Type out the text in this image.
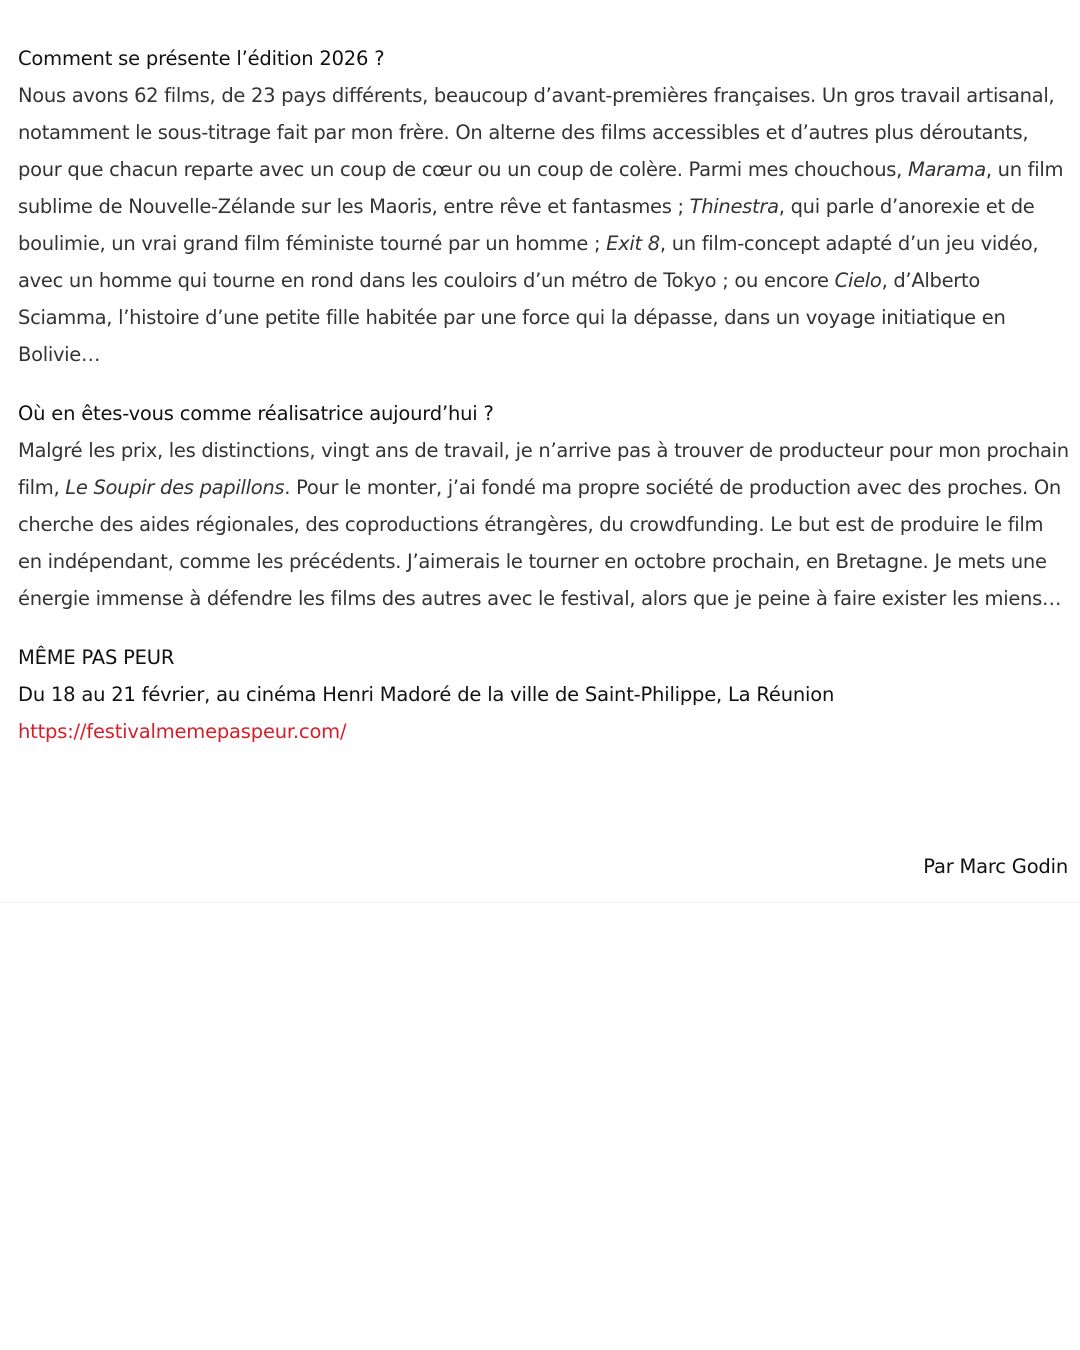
Comment se présente l’édition 2026 ?

Nous avons 62 films, de 23 pays différents, beaucoup d’avant-premières françaises. Un gros travail artisanal, notamment le sous-titrage fait par mon frère. On alterne des films accessibles et d’autres plus déroutants, pour que chacun reparte avec un coup de cœur ou un coup de colère. Parmi mes chouchous, Marama, un film sublime de Nouvelle-Zélande sur les Maoris, entre rêve et fantasmes ; Thinestra, qui parle d’anorexie et de boulimie, un vrai grand film féministe tourné par un homme ; Exit 8, un film-concept adapté d’un jeu vidéo, avec un homme qui tourne en rond dans les couloirs d’un métro de Tokyo ; ou encore Cielo, d’Alberto Sciamma, l’histoire d’une petite fille habitée par une force qui la dépasse, dans un voyage initiatique en Bolivie…

Où en êtes-vous comme réalisatrice aujourd’hui ?

Malgré les prix, les distinctions, vingt ans de travail, je n’arrive pas à trouver de producteur pour mon prochain film, Le Soupir des papillons. Pour le monter, j’ai fondé ma propre société de production avec des proches. On cherche des aides régionales, des coproductions étrangères, du crowdfunding. Le but est de produire le film en indépendant, comme les précédents. J’aimerais le tourner en octobre prochain, en Bretagne. Je mets une énergie immense à défendre les films des autres avec le festival, alors que je peine à faire exister les miens…

MÊME PAS PEUR
Du 18 au 21 février, au cinéma Henri Madoré de la ville de Saint-Philippe, La Réunion
https://festivalmemepaspeur.com/
Par Marc Godin
